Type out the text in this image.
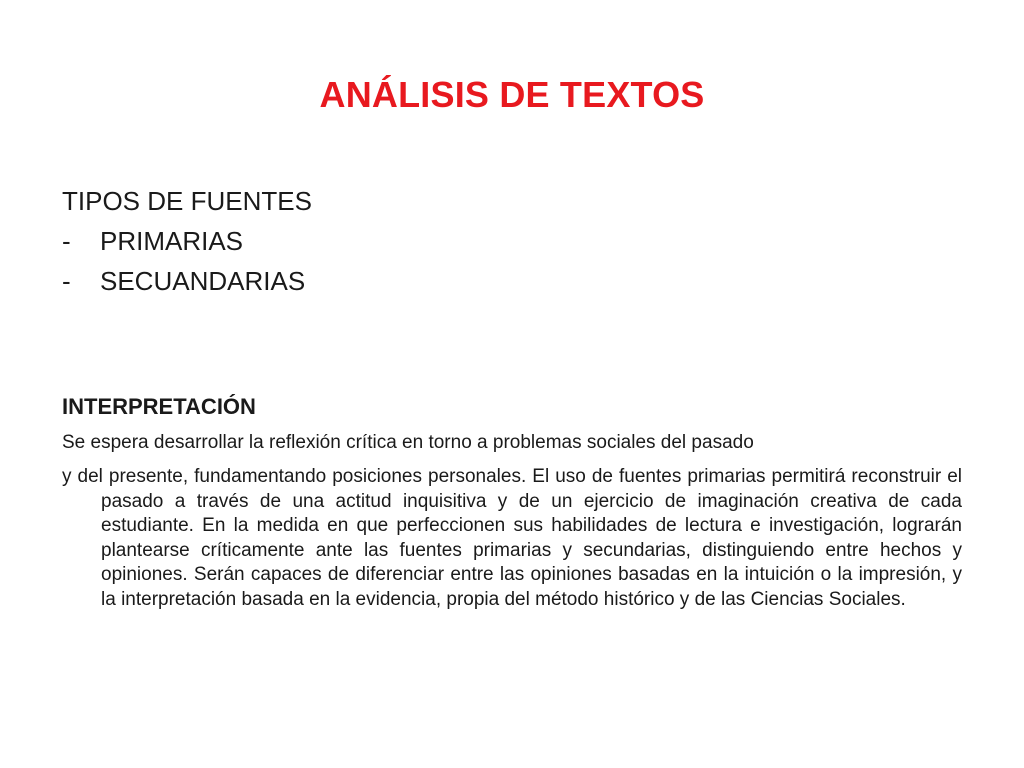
ANÁLISIS DE TEXTOS
TIPOS DE FUENTES
- PRIMARIAS
- SECUANDARIAS
INTERPRETACIÓN
Se espera desarrollar la reflexión crítica en torno a problemas sociales del pasado
y del presente, fundamentando posiciones personales. El uso de fuentes primarias permitirá reconstruir el pasado a través de una actitud inquisitiva y de un ejercicio de imaginación creativa de cada estudiante. En la medida en que perfeccionen sus habilidades de lectura e investigación, lograrán plantearse críticamente ante las fuentes primarias y secundarias, distinguiendo entre hechos y opiniones. Serán capaces de diferenciar entre las opiniones basadas en la intuición o la impresión, y la interpretación basada en la evidencia, propia del método histórico y de las Ciencias Sociales.
